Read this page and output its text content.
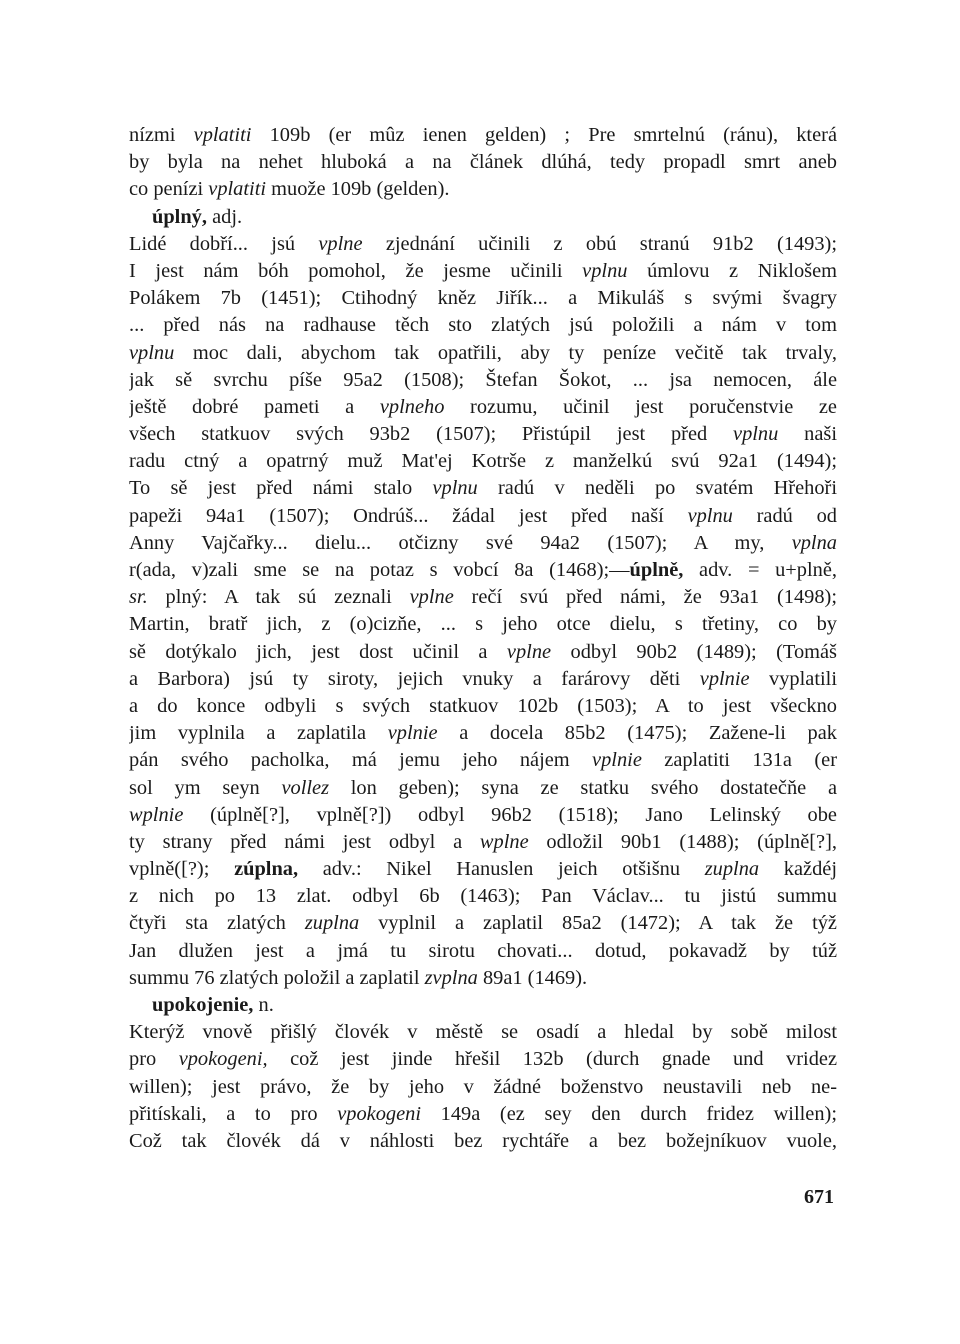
nízmi vplatiti 109b (er mûz ienen gelden) ; Pre smrtelnú (ránu), která
by byla na nehet hluboká a na článek dlúhá, tedy propadl smrt aneb
co penízi vplatiti muože 109b (gelden).
úplný, adj.
Lidé dobří... jsú vplne zjednání učinili z obú stranú 91b2 (1493);
I jest nám bóh pomohol, že jesme učinili vplnu úmlovu z Niklošem
Polákem 7b (1451); Ctihodný kněz Jiřík... a Mikuláš s svými švagry
... před nás na radhause těch sto zlatých jsú položili a nám v tom
vplnu moc dali, abychom tak opatřili, aby ty peníze večitě tak trvaly,
jak sě svrchu píše 95a2 (1508); Štefan Šokot, ... jsa nemocen, ále
ještě dobré pameti a vplneho rozumu, učinil jest poručenstvie ze
všech statkuov svých 93b2 (1507); Přistúpil jest před vplnu naši
radu ctný a opatrný muž Mat'ej Kotrše z manželkú svú 92a1 (1494);
To sě jest před námi stalo vplnu radú v neděli po svatém Hřehoři
papeži 94a1 (1507); Ondrúš... žádal jest před naší vplnu radú od
Anny Vajčařky... dielu... otčizny své 94a2 (1507); A my, vplna
r(ada, v)zali sme se na potaz s vobcí 8a (1468);—úplně, adv. = u+plně,
sr. plný: A tak sú zeznali vplne rečí svú před námi, že 93a1 (1498);
Martin, bratř jich, z (o)cizňe, ... s jeho otce dielu, s třetiny, co by
sě dotýkalo jich, jest dost učinil a vplne odbyl 90b2 (1489); (Tomáš
a Barbora) jsú ty siroty, jejich vnuky a farárovy děti vplnie vyplatili
a do konce odbyli s svých statkuov 102b (1503); A to jest všeckno
jim vyplnila a zaplatila vplnie a docela 85b2 (1475); Zažene-li pak
pán svého pacholka, má jemu jeho nájem vplnie zaplatiti 131a (er
sol ym seyn vollez lon geben); syna ze statku svého dostatečňe a
wplnie (úplně[?], vplně[?]) odbyl 96b2 (1518); Jano Lelinský obe
ty strany před námi jest odbyl a wplne odložil 90b1 (1488); (úplně[?],
vplně([?); zúplna, adv.: Nikel Hanuslen jeich otšišnu zuplna každéj
z nich po 13 zlat. odbyl 6b (1463); Pan Václav... tu jistú summu
čtyři sta zlatých zuplna vyplnil a zaplatil 85a2 (1472); A tak že týž
Jan dlužen jest a jmá tu sirotu chovati... dotud, pokavadž by túž
summu 76 zlatých položil a zaplatil zvplna 89a1 (1469).
upokojenie, n.
Kterýž vnově přišlý človék v městě se osadí a hledal by sobě milost
pro vpokogeni, což jest jinde hřešil 132b (durch gnade und vridez
willen); jest právo, že by jeho v žádné boženstvo neustavili neb ne-
přitískali, a to pro vpokogeni 149a (ez sey den durch fridez willen);
Což tak človék dá v náhlosti bez rychtáře a bez božejníkuov vuole,
671
